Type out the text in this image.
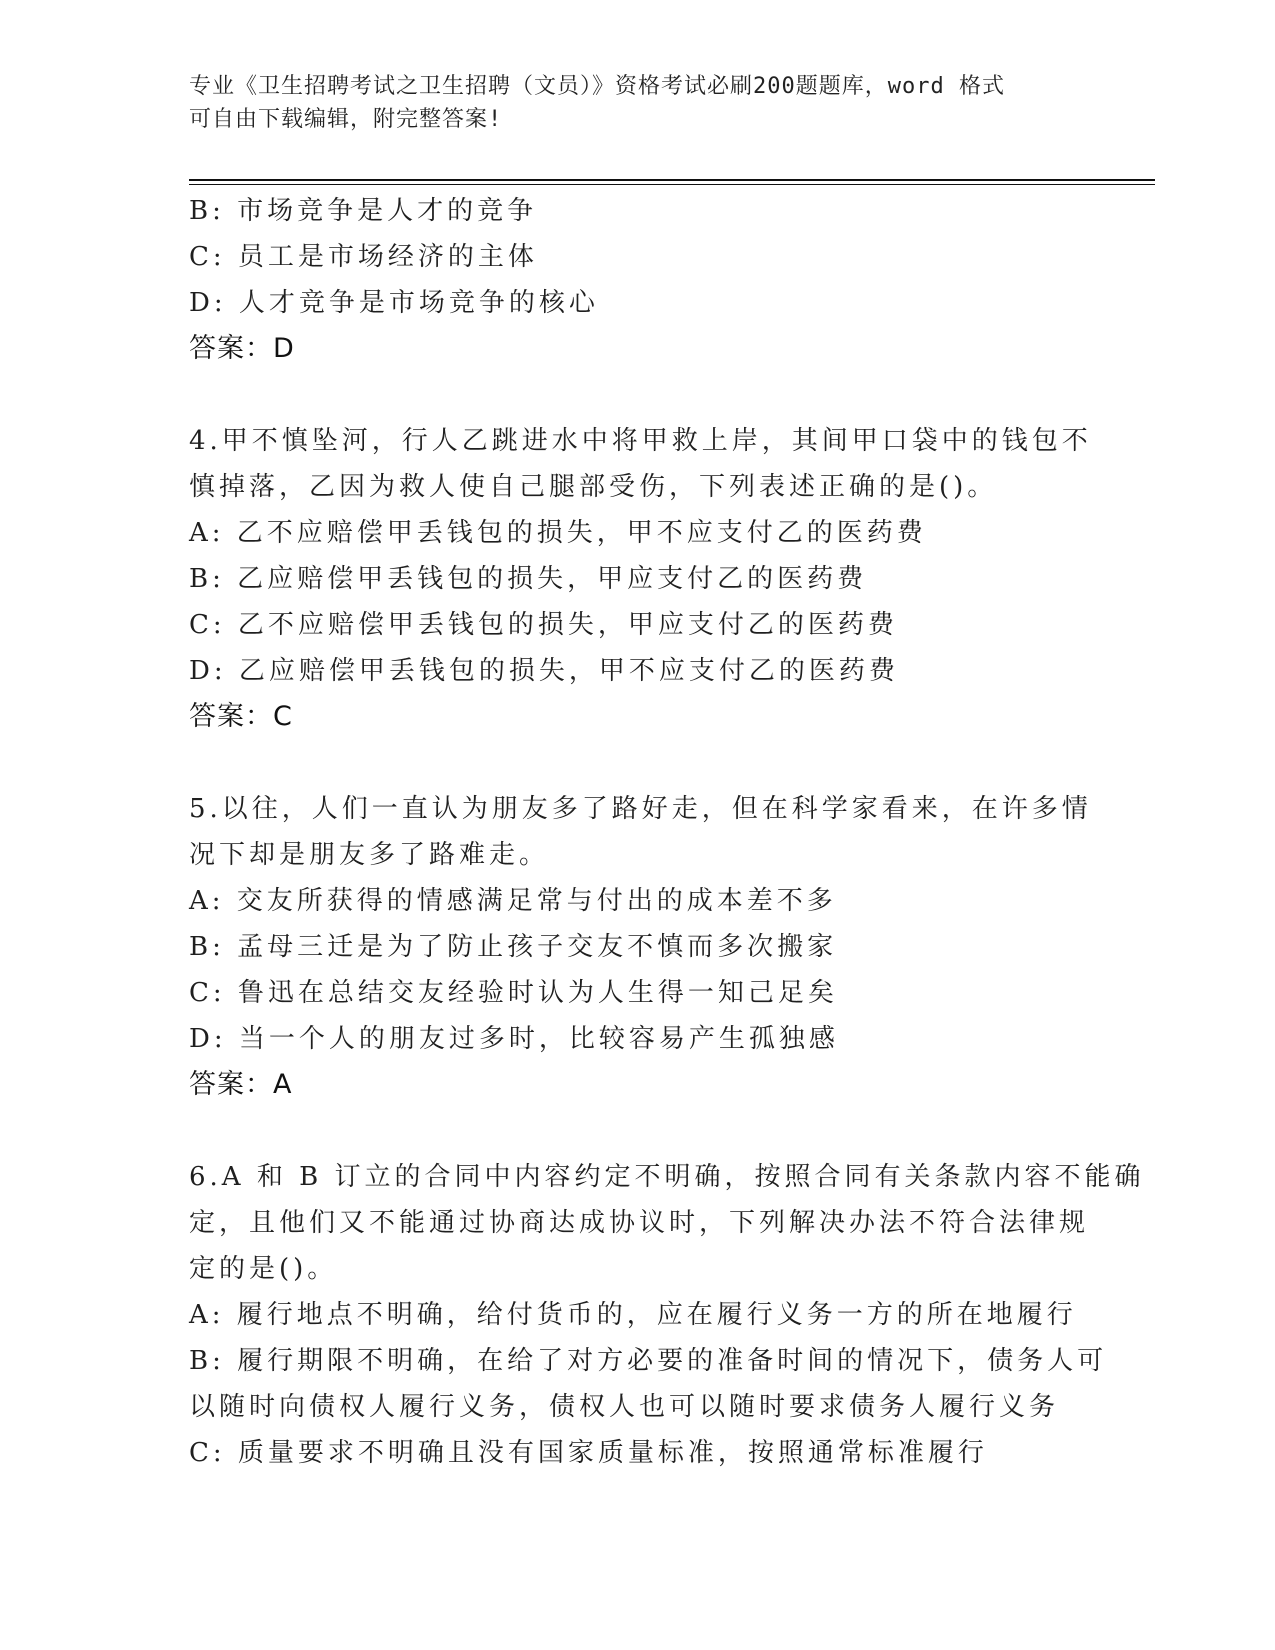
专业《卫生招聘考试之卫生招聘（文员）》资格考试必刷200题题库，word 格式
可自由下载编辑，附完整答案!
B: 市场竞争是人才的竞争
C: 员工是市场经济的主体
D: 人才竞争是市场竞争的核心
答案：D
4.甲不慎坠河，行人乙跳进水中将甲救上岸，其间甲口袋中的钱包不
慎掉落，乙因为救人使自己腿部受伤，下列表述正确的是()。
A: 乙不应赔偿甲丢钱包的损失，甲不应支付乙的医药费
B: 乙应赔偿甲丢钱包的损失，甲应支付乙的医药费
C: 乙不应赔偿甲丢钱包的损失，甲应支付乙的医药费
D: 乙应赔偿甲丢钱包的损失，甲不应支付乙的医药费
答案：C
5.以往，人们一直认为朋友多了路好走，但在科学家看来，在许多情
况下却是朋友多了路难走。
A: 交友所获得的情感满足常与付出的成本差不多
B: 孟母三迁是为了防止孩子交友不慎而多次搬家
C: 鲁迅在总结交友经验时认为人生得一知己足矣
D: 当一个人的朋友过多时，比较容易产生孤独感
答案：A
6.A 和 B 订立的合同中内容约定不明确，按照合同有关条款内容不能确
定，且他们又不能通过协商达成协议时，下列解决办法不符合法律规
定的是()。
A: 履行地点不明确，给付货币的，应在履行义务一方的所在地履行
B: 履行期限不明确，在给了对方必要的准备时间的情况下，债务人可
以随时向债权人履行义务，债权人也可以随时要求债务人履行义务
C: 质量要求不明确且没有国家质量标准，按照通常标准履行
